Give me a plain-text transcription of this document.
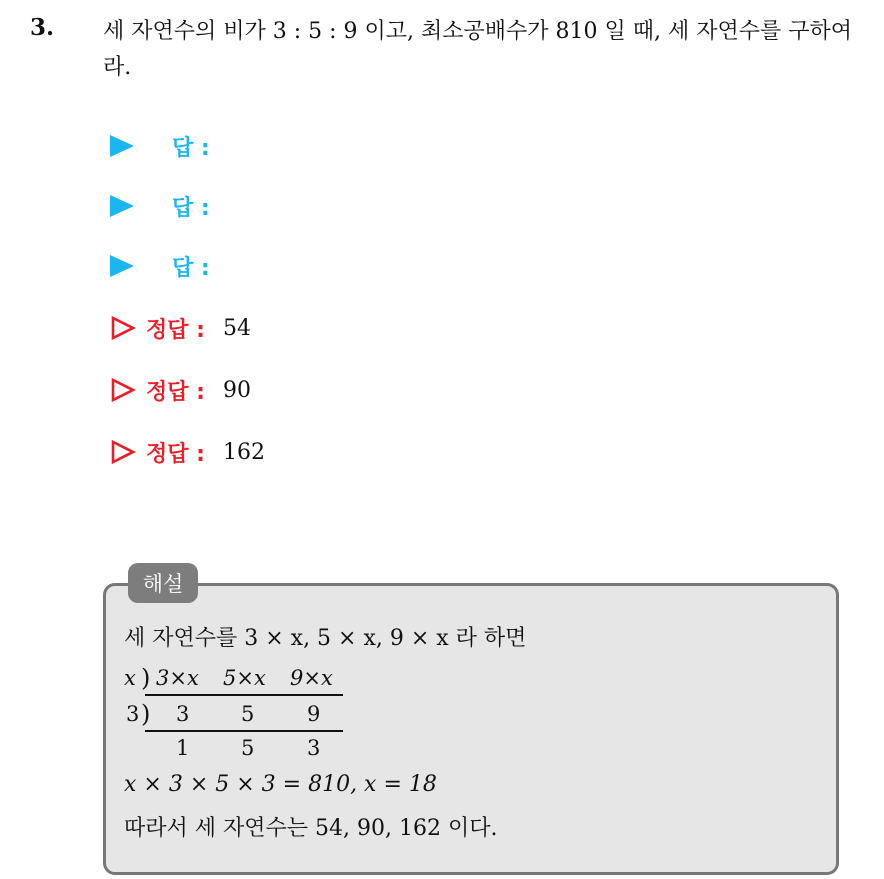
3. 세 자연수의 비가 3 : 5 : 9 이고, 최소공배수가 810 일 때, 세 자연수를 구하여라.
답 :
답 :
답 :
정답 : 54
정답 : 90
정답 : 162
해설
세 자연수를 3 × x, 5 × x, 9 × x 라 하면
x ) 3×x 5×x 9×x
3 ) 3 5	9
1 5	3
x × 3 × 5 × 3 = 810, x = 18
따라서 세 자연수는 54, 90, 162 이다.
